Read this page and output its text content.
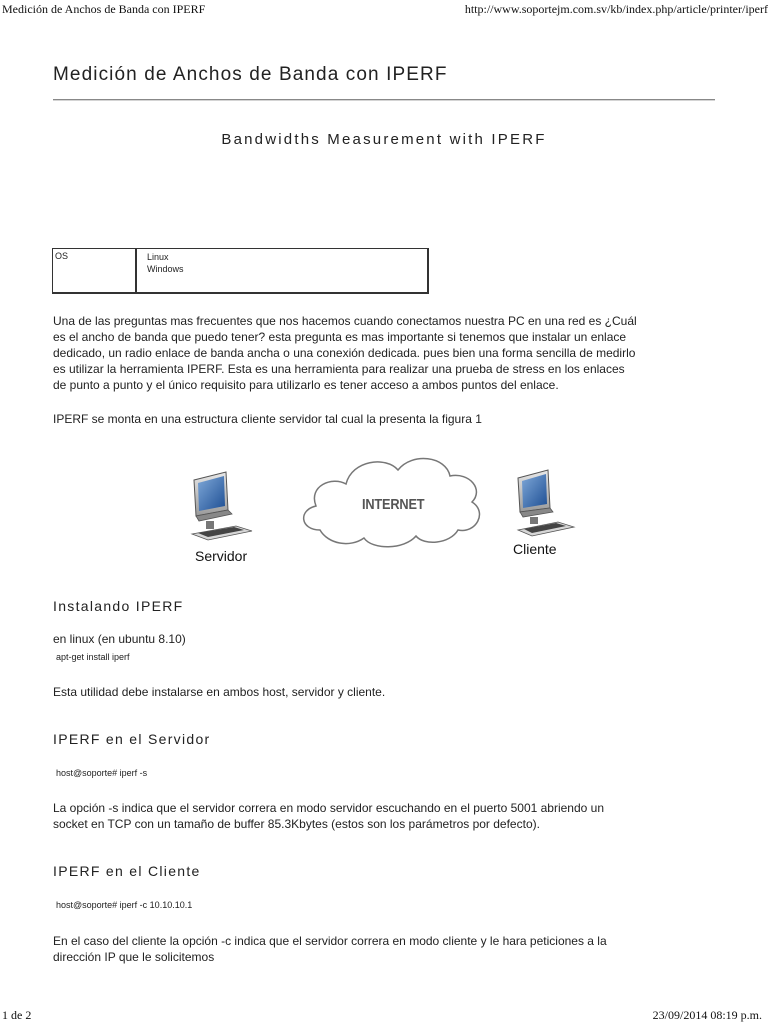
Medición de Anchos de Banda con IPERF	http://www.soportejm.com.sv/kb/index.php/article/printer/iperf
Medición de Anchos de Banda con IPERF
Bandwidths Measurement with IPERF
OS	Linux
Windows
Una de las preguntas mas frecuentes que nos hacemos cuando conectamos nuestra PC en una red es ¿Cuál
es el ancho de banda que puedo tener? esta pregunta es mas importante si tenemos que instalar un enlace
dedicado, un radio enlace de banda ancha o una conexión dedicada. pues bien una forma sencilla de medirlo
es utilizar la herramienta IPERF. Esta es una herramienta para realizar una prueba de stress en los enlaces
de punto a punto y el único requisito para utilizarlo es tener acceso a ambos puntos del enlace.
IPERF se monta en una estructura cliente servidor tal cual la presenta la figura 1
INTERNET
Servidor	Cliente
Instalando IPERF
en linux (en ubuntu 8.10)
apt-get install iperf
Esta utilidad debe instalarse en ambos host, servidor y cliente.
IPERF en el Servidor
host@soporte# iperf -s
La opción -s indica que el servidor correra en modo servidor escuchando en el puerto 5001 abriendo un
socket en TCP con un tamaño de buffer 85.3Kbytes (estos son los parámetros por defecto).
IPERF en el Cliente
host@soporte# iperf -c 10.10.10.1
En el caso del cliente la opción -c indica que el servidor correra en modo cliente y le hara peticiones a la
dirección IP que le solicitemos
1 de 2	23/09/2014 08:19 p.m.
